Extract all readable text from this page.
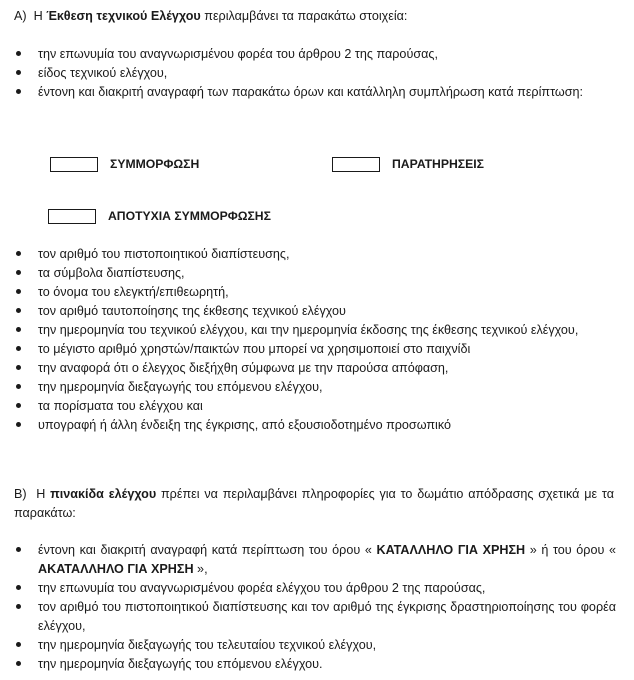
A) Η Έκθεση τεχνικού Ελέγχου περιλαμβάνει τα παρακάτω στοιχεία:
την επωνυμία του αναγνωρισμένου φορέα του άρθρου 2 της παρούσας,
είδος τεχνικού ελέγχου,
έντονη και διακριτή αναγραφή των παρακάτω όρων και κατάλληλη συμπλήρωση κατά περίπτωση:
ΣΥΜΜΟΡΦΩΣΗ	ΠΑΡΑΤΗΡΗΣΕΙΣ
ΑΠΟΤΥΧΙΑ ΣΥΜΜΟΡΦΩΣΗΣ
τον αριθμό του πιστοποιητικού διαπίστευσης,
τα σύμβολα διαπίστευσης,
το όνομα του ελεγκτή/επιθεωρητή,
τον αριθμό ταυτοποίησης της έκθεσης τεχνικού ελέγχου
την ημερομηνία του τεχνικού ελέγχου, και την ημερομηνία έκδοσης της έκθεσης τεχνικού ελέγχου,
το μέγιστο αριθμό χρηστών/παικτών που μπορεί να χρησιμοποιεί στο παιχνίδι
την αναφορά ότι ο έλεγχος διεξήχθη σύμφωνα με την παρούσα απόφαση,
την ημερομηνία διεξαγωγής του επόμενου ελέγχου,
τα πορίσματα του ελέγχου και
υπογραφή ή άλλη ένδειξη της έγκρισης, από εξουσιοδοτημένο προσωπικό
B) Η πινακίδα ελέγχου πρέπει να περιλαμβάνει πληροφορίες για το δωμάτιο απόδρασης σχετικά με τα παρακάτω:
έντονη και διακριτή αναγραφή κατά περίπτωση του όρου « ΚΑΤΑΛΛΗΛΟ ΓΙΑ ΧΡΗΣΗ » ή του όρου « ΑΚΑΤΑΛΛΗΛΟ ΓΙΑ ΧΡΗΣΗ »,
την επωνυμία του αναγνωρισμένου φορέα ελέγχου του άρθρου 2 της παρούσας,
τον αριθμό του πιστοποιητικού διαπίστευσης και τον αριθμό της έγκρισης δραστηριοποίησης του φορέα ελέγχου,
την ημερομηνία διεξαγωγής του τελευταίου τεχνικού ελέγχου,
την ημερομηνία διεξαγωγής του επόμενου ελέγχου.
